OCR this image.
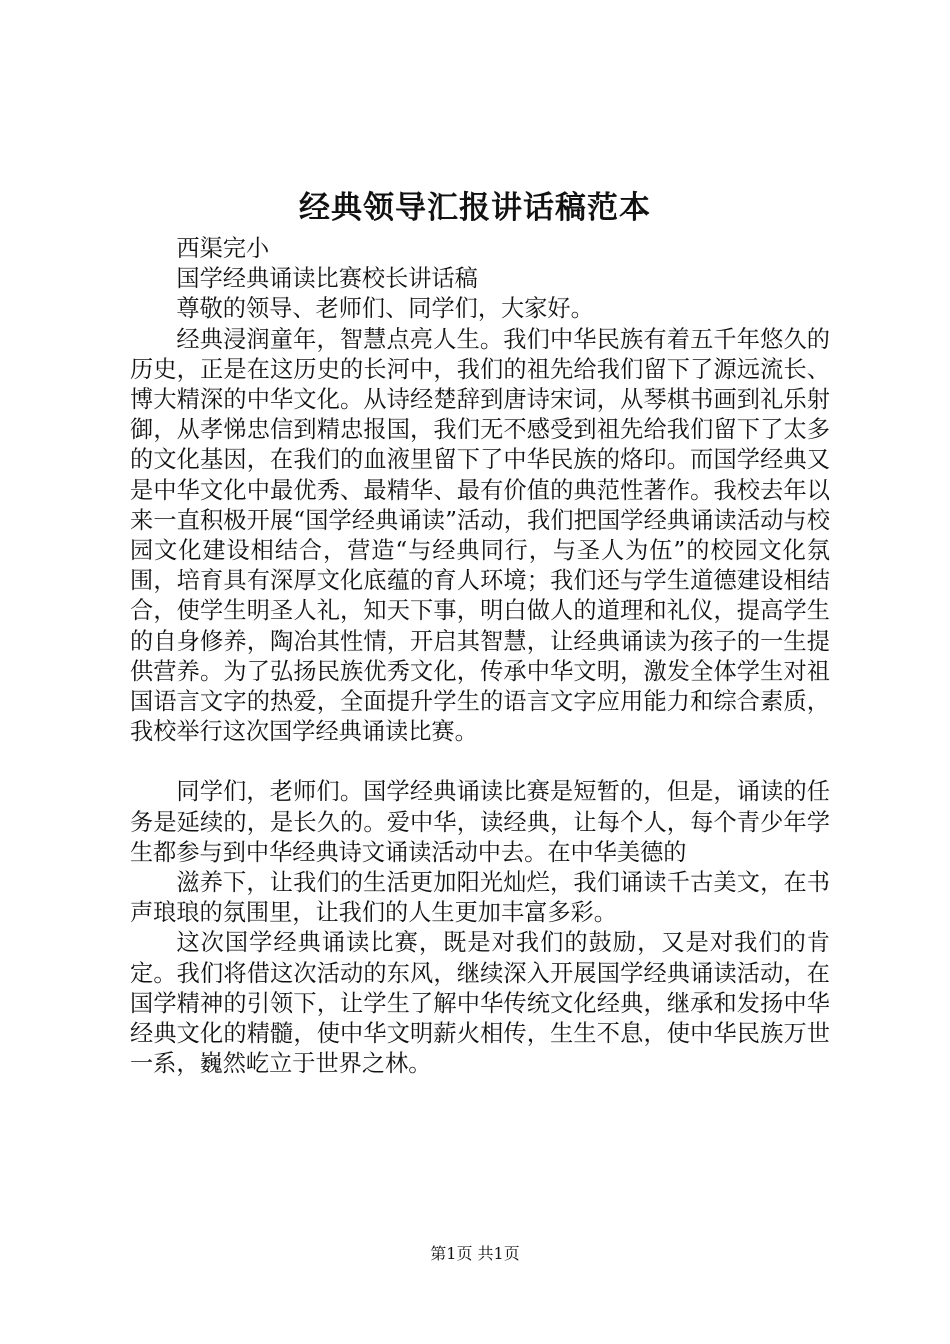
经典领导汇报讲话稿范本

西渠完小

国学经典诵读比赛校长讲话稿

尊敬的领导、老师们、同学们，大家好。

经典浸润童年，智慧点亮人生。我们中华民族有着五千年悠久的历史，正是在这历史的长河中，我们的祖先给我们留下了源远流长、博大精深的中华文化。从诗经楚辞到唐诗宋词，从琴棋书画到礼乐射御，从孝悌忠信到精忠报国，我们无不感受到祖先给我们留下了太多的文化基因，在我们的血液里留下了中华民族的烙印。而国学经典又是中华文化中最优秀、最精华、最有价值的典范性著作。我校去年以来一直积极开展“国学经典诵读”活动，我们把国学经典诵读活动与校园文化建设相结合，营造“与经典同行，与圣人为伍”的校园文化氛围，培育具有深厚文化底蕴的育人环境；我们还与学生道德建设相结合，使学生明圣人礼，知天下事，明白做人的道理和礼仪，提高学生的自身修养，陶冶其性情，开启其智慧，让经典诵读为孩子的一生提供营养。为了弘扬民族优秀文化，传承中华文明，激发全体学生对祖国语言文字的热爱，全面提升学生的语言文字应用能力和综合素质，我校举行这次国学经典诵读比赛。

同学们，老师们。国学经典诵读比赛是短暂的，但是，诵读的任务是延续的，是长久的。爱中华，读经典，让每个人，每个青少年学生都参与到中华经典诗文诵读活动中去。在中华美德的

滋养下，让我们的生活更加阳光灿烂，我们诵读千古美文，在书声琅琅的氛围里，让我们的人生更加丰富多彩。

这次国学经典诵读比赛，既是对我们的鼓励，又是对我们的肯定。我们将借这次活动的东风，继续深入开展国学经典诵读活动，在国学精神的引领下，让学生了解中华传统文化经典，继承和发扬中华经典文化的精髓，使中华文明薪火相传，生生不息，使中华民族万世一系，巍然屹立于世界之林。

第1页 共1页
